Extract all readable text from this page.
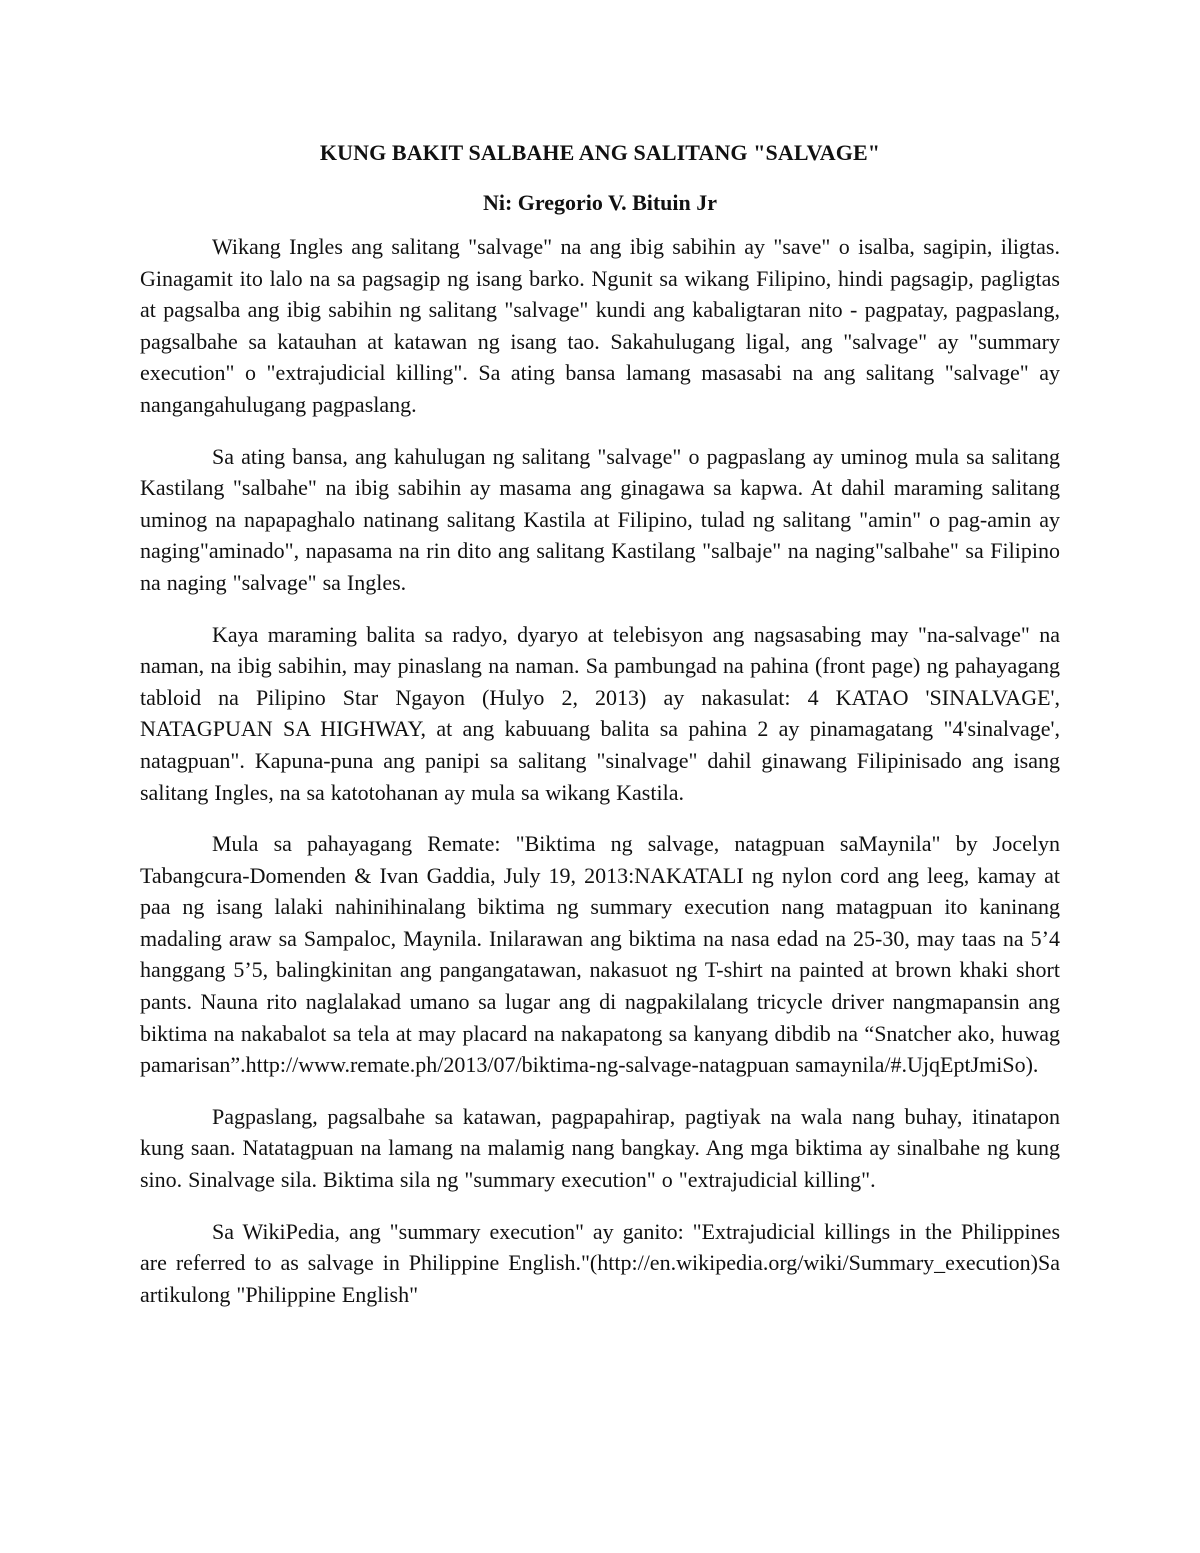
KUNG BAKIT SALBAHE ANG SALITANG "SALVAGE"
Ni: Gregorio V. Bituin Jr

Wikang Ingles ang salitang "salvage" na ang ibig sabihin ay "save" o isalba, sagipin, iligtas. Ginagamit ito lalo na sa pagsagip ng isang barko. Ngunit sa wikang Filipino, hindi pagsagip, pagligtas at pagsalba ang ibig sabihin ng salitang "salvage" kundi ang kabaligtaran nito - pagpatay, pagpaslang, pagsalbahe sa katauhan at katawan ng isang tao. Sakahulugang ligal, ang "salvage" ay "summary execution" o "extrajudicial killing". Sa ating bansa lamang masasabi na ang salitang "salvage" ay nangangahulugang pagpaslang.

Sa ating bansa, ang kahulugan ng salitang "salvage" o pagpaslang ay uminog mula sa salitang Kastilang "salbahe" na ibig sabihin ay masama ang ginagawa sa kapwa. At dahil maraming salitang uminog na napapaghalo natinang salitang Kastila at Filipino, tulad ng salitang "amin" o pag-amin ay naging"aminado", napasama na rin dito ang salitang Kastilang "salbaje" na naging"salbahe" sa Filipino na naging "salvage" sa Ingles.

Kaya maraming balita sa radyo, dyaryo at telebisyon ang nagsasabing may "na-salvage" na naman, na ibig sabihin, may pinaslang na naman. Sa pambungad na pahina (front page) ng pahayagang tabloid na Pilipino Star Ngayon (Hulyo 2, 2013) ay nakasulat: 4 KATAO 'SINALVAGE', NATAGPUAN SA HIGHWAY, at ang kabuuang balita sa pahina 2 ay pinamagatang "4'sinalvage', natagpuan". Kapuna-puna ang panipi sa salitang "sinalvage" dahil ginawang Filipinisado ang isang salitang Ingles, na sa katotohanan ay mula sa wikang Kastila.

Mula sa pahayagang Remate: "Biktima ng salvage, natagpuan saMaynila" by Jocelyn Tabangcura-Domenden & Ivan Gaddia, July 19, 2013:NAKATALI ng nylon cord ang leeg, kamay at paa ng isang lalaki nahinihinalang biktima ng summary execution nang matagpuan ito kaninang madaling araw sa Sampaloc, Maynila. Inilarawan ang biktima na nasa edad na 25-30, may taas na 5’4 hanggang 5’5, balingkinitan ang pangangatawan, nakasuot ng T-shirt na painted at brown khaki short pants. Nauna rito naglalakad umano sa lugar ang di nagpakilalang tricycle driver nangmapansin ang biktima na nakabalot sa tela at may placard na nakapatong sa kanyang dibdib na “Snatcher ako, huwag pamarisan”.http://www.remate.ph/2013/07/biktima-ng-salvage-natagpuan samaynila/#.UjqEptJmiSo).

Pagpaslang, pagsalbahe sa katawan, pagpapahirap, pagtiyak na wala nang buhay, itinatapon kung saan. Natatagpuan na lamang na malamig nang bangkay. Ang mga biktima ay sinalbahe ng kung sino. Sinalvage sila. Biktima sila ng "summary execution" o "extrajudicial killing".

Sa WikiPedia, ang "summary execution" ay ganito: "Extrajudicial killings in the Philippines are referred to as salvage in Philippine English."(http://en.wikipedia.org/wiki/Summary_execution)Sa artikulong "Philippine English"
